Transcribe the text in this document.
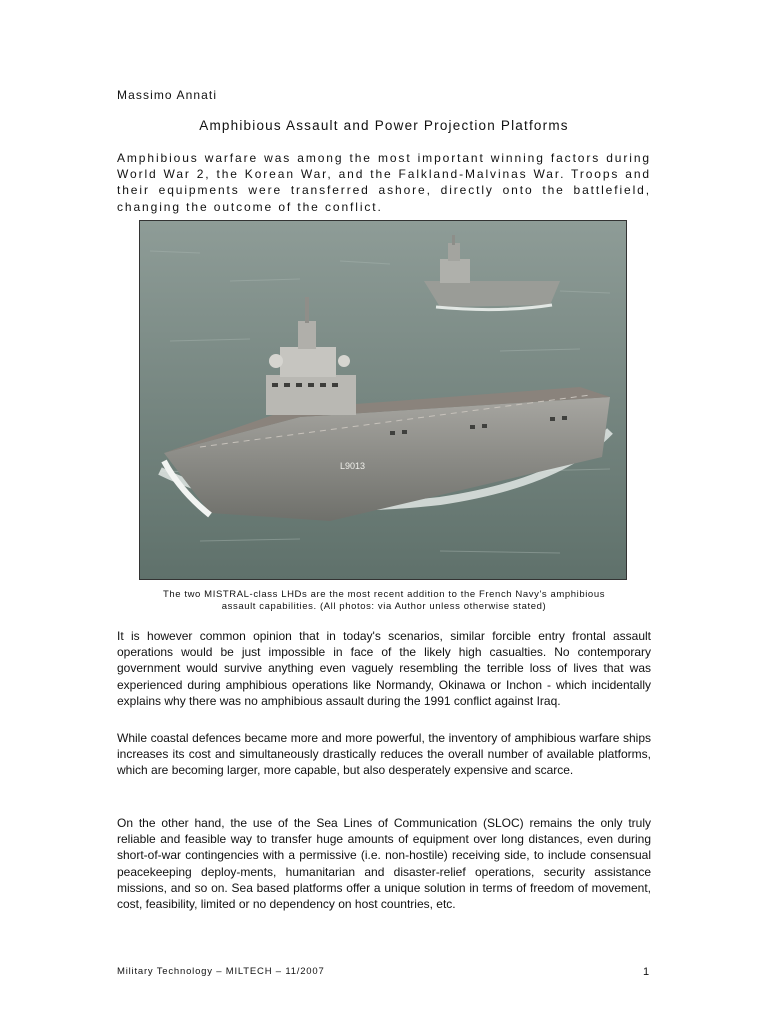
Massimo Annati
Amphibious Assault and Power Projection Platforms

Amphibious warfare was among the most important winning factors during World War 2, the Korean War, and the Falkland-Malvinas War. Troops and their equipments were transferred ashore, directly onto the battlefield, changing the outcome of the conflict.

L9013
The two MISTRAL-class LHDs are the most recent addition to the French Navy's amphibious
assault capabilities. (All photos: via Author unless otherwise stated)

It is however common opinion that in today's scenarios, similar forcible entry frontal assault operations would be just impossible in face of the likely high casualties. No contemporary government would survive anything even vaguely resembling the terrible loss of lives that was experienced during amphibious operations like Normandy, Okinawa or Inchon - which incidentally explains why there was no amphibious assault during the 1991 conflict against Iraq.

While coastal defences became more and more powerful, the inventory of amphibious warfare ships increases its cost and simultaneously drastically reduces the overall number of available platforms, which are becoming larger, more capable, but also desperately expensive and scarce.

On the other hand, the use of the Sea Lines of Communication (SLOC) remains the only truly reliable and feasible way to transfer huge amounts of equipment over long distances, even during short-of-war contingencies with a permissive (i.e. non-hostile) receiving side, to include consensual peacekeeping deploy-ments, humanitarian and disaster-relief operations, security assistance missions, and so on. Sea based platforms offer a unique solution in terms of freedom of movement, cost, feasibility, limited or no dependency on host countries, etc.

Military Technology – MILTECH – 11/2007	1
